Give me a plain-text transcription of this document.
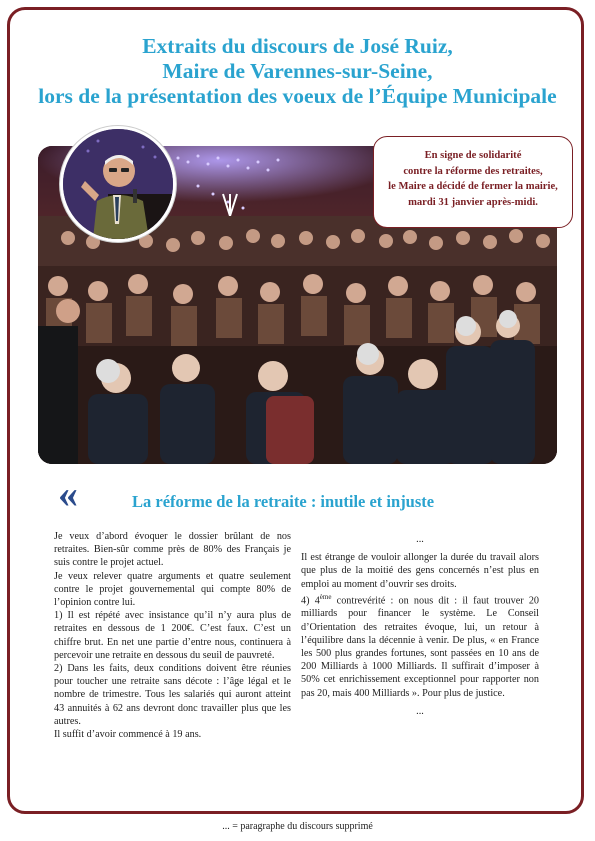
Extraits du discours de José Ruiz,
Maire de Varennes-sur-Seine,
lors de la présentation des voeux de l’Équipe Municipale
En signe de solidarité
contre la réforme des retraites,
le Maire a décidé de fermer la mairie,
mardi 31 janvier après-midi.
«	La réforme de la retraite : inutile et injuste

Je veux d’abord évoquer le dossier brûlant de nos retraites. Bien-sûr comme près de 80% des Français je suis contre le projet actuel.

Je veux relever quatre arguments et quatre seulement contre le projet gouvernemental qui compte 80% de l’opinion contre lui.

1) Il est répété avec insistance qu’il n’y aura plus de retraites en dessous de 1 200€. C’est faux. C’est un chiffre brut. En net une partie d’entre nous, continuera à percevoir une retraite en dessous du seuil de pauvreté.

2) Dans les faits, deux conditions doivent être réunies pour toucher une retraite sans décote : l’âge légal et le nombre de trimestre. Tous les salariés qui auront atteint 43 annuités à 62 ans devront donc travailler plus que les autres.

Il suffit d’avoir commencé à 19 ans.

...

Il est étrange de vouloir allonger la durée du travail alors que plus de la moitié des gens concernés n’est plus en emploi au moment d’ouvrir ses droits.

4) 4ème contrevérité : on nous dit : il faut trouver 20 milliards pour financer le système. Le Conseil d’Orientation des retraites évoque, lui, un retour à l’équilibre dans la décennie à venir. De plus, « en France les 500 plus grandes fortunes, sont passées en 10 ans de 200 Milliards à 1000 Milliards. Il suffirait d’imposer à 50% cet enrichissement exceptionnel pour rapporter non pas 20, mais 400 Milliards ». Pour plus de justice.

...

... = paragraphe du discours supprimé
